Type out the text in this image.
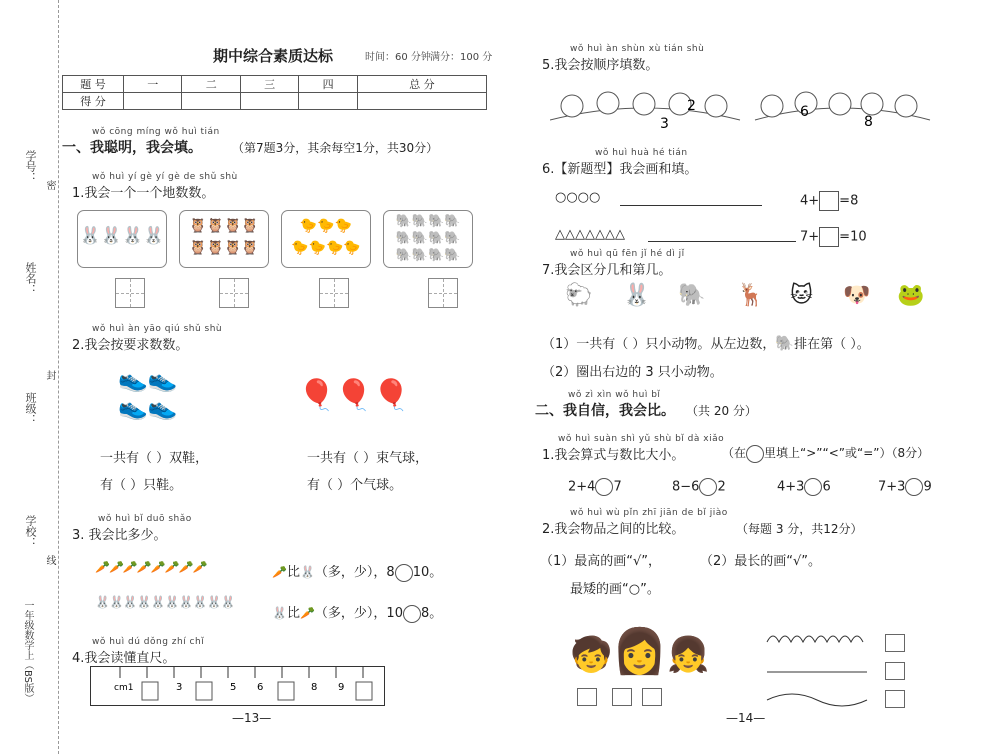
学号：
姓名：
班级：
学校：
密
封
线
一年级数学上（BS版）
期中综合素质达标	时间：60 分钟 满分：100 分
题 号	一	二	三	四	总 分
得 分					
wǒ cōng míng wǒ huì tián
一、我聪明，我会填。	（第7题3分，其余每空1分，共30分）
wǒ huì yí gè yí gè de shǔ shù
1.我会一个一个地数数。
🐰🐰🐰🐰	🦉🦉🦉🦉
🦉🦉🦉🦉
🐤🐤🐤
🐤🐤🐤🐤
🐘🐘🐘🐘
🐘🐘🐘🐘
🐘🐘🐘🐘
wǒ huì àn yāo qiú shǔ shù
2.我会按要求数数。
👟👟
👟👟	🎈🎈🎈
一共有（ ）双鞋，
有（ ）只鞋。
一共有（ ）束气球，
有（ ）个气球。
wǒ huì bǐ duō shǎo
3. 我会比多少。
🥕🥕🥕🥕🥕🥕🥕🥕
🐰🐰🐰🐰🐰🐰🐰🐰🐰🐰
🥕比🐰（多，少），8 10。
🐰比🥕（多，少），10 8。
wǒ huì dú dǒng zhí chǐ
4.我会读懂直尺。
cm1	3	5 6	8 9
—13—
wǒ huì àn shùn xù tián shù
5.我会按顺序填数。
3
2	6
8
wǒ huì huà hé tián
6.【新题型】我会画和填。
○○○○	4+ =8
△△△△△△△	7+ =10
wǒ huì qū fēn jǐ hé dì jǐ
7.我会区分几和第几。
🐑 🐰 🐘 🦌 🐱 🐶 🐸
（1）一共有（ ）只小动物。从左边数，🐘排在第（ ）。
（2）圈出右边的 3 只小动物。
wǒ zì xìn wǒ huì bǐ
二、我自信，我会比。 （共 20 分）
wǒ huì suàn shì yǔ shù bǐ dà xiǎo
1.我会算式与数比大小。	（在 里填上“>”“<”或“=”）（8分）
2+4 7	8−6 2	4+3 6	7+3 9
wǒ huì wù pǐn zhī jiān de bǐ jiào
2.我会物品之间的比较。	（每题 3 分，共12分）
（1）最高的画“√”，	（2）最长的画“√”。
最矮的画“○”。
🧒👩👧
—14—
